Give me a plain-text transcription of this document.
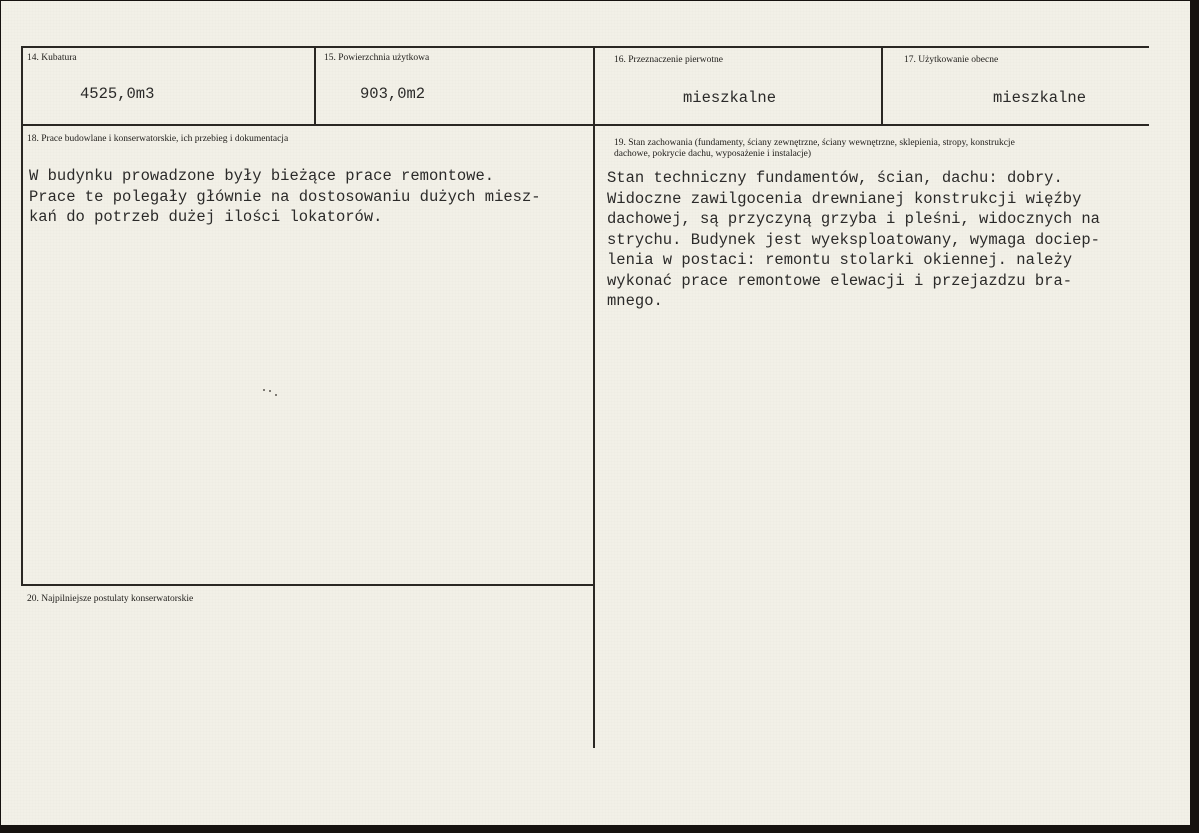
14. Kubatura
4525,0m3
15. Powierzchnia użytkowa
903,0m2
16. Przeznaczenie pierwotne
mieszkalne
17. Użytkowanie obecne
mieszkalne
18. Prace budowlane i konserwatorskie, ich przebieg i dokumentacja
W budynku prowadzone były bieżące prace remontowe.
Prace te polegały głównie na dostosowaniu dużych miesz-
kań do potrzeb dużej ilości lokatorów.
19. Stan zachowania (fundamenty, ściany zewnętrzne, ściany wewnętrzne, sklepienia, stropy, konstrukcje
dachowe, pokrycie dachu, wyposażenie i instalacje)
Stan techniczny fundamentów, ścian, dachu: dobry.
Widoczne zawilgocenia drewnianej konstrukcji więźby
dachowej, są przyczyną grzyba i pleśni, widocznych na
strychu. Budynek jest wyeksploatowany, wymaga dociep-
lenia w postaci: remontu stolarki okiennej. należy
wykonać prace remontowe elewacji i przejazdzu bra-
mnego.
20. Najpilniejsze postulaty konserwatorskie
